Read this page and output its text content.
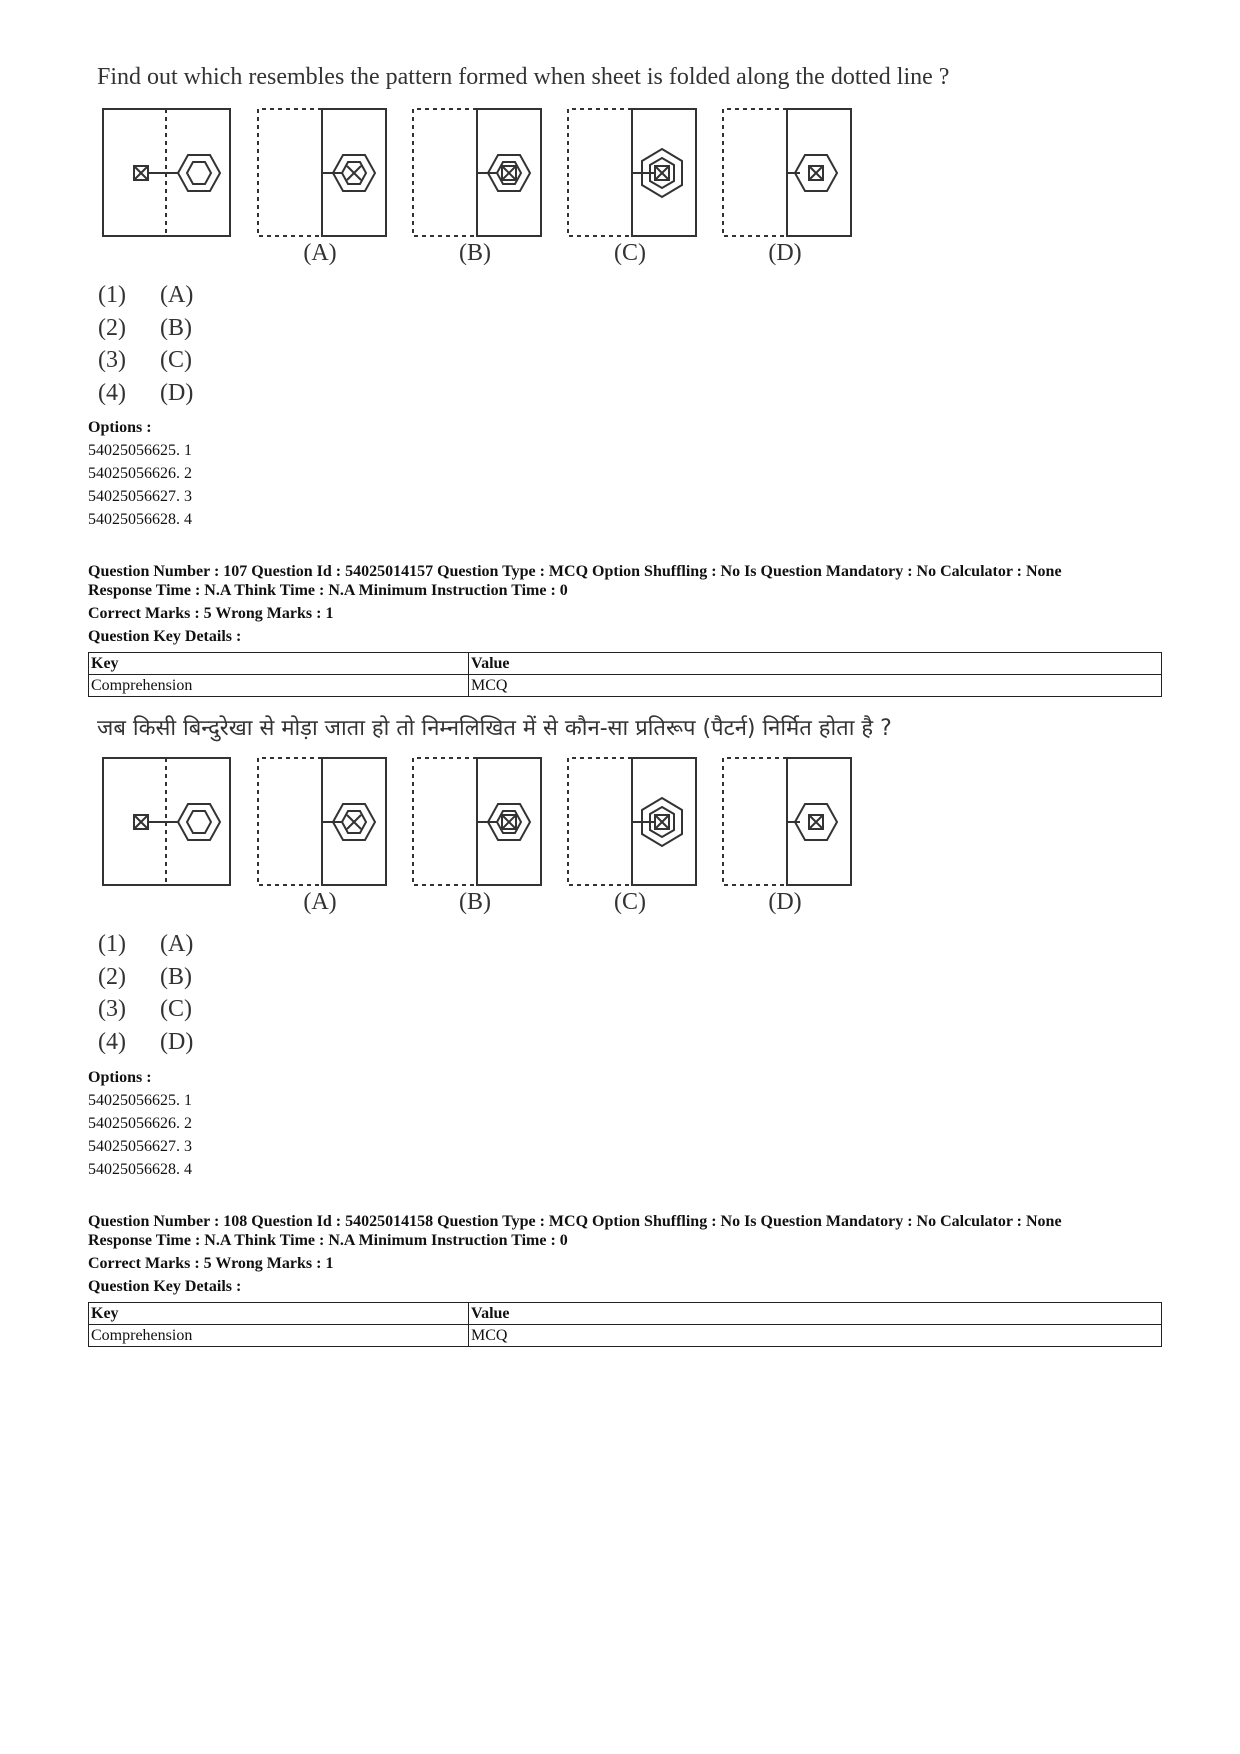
Find out which resembles the pattern formed when sheet is folded along the dotted line ?
(A)	(B)	(C)	(D)
(1)	(A)
(2)	(B)
(3)	(C)
(4)	(D)
Options :
54025056625. 1
54025056626. 2
54025056627. 3
54025056628. 4
Question Number : 107 Question Id : 54025014157 Question Type : MCQ Option Shuffling : No Is Question Mandatory : No Calculator : None
Response Time : N.A Think Time : N.A Minimum Instruction Time : 0
Correct Marks : 5 Wrong Marks : 1
Question Key Details :
Key	Value
Comprehension	MCQ
जब किसी बिन्दुरेखा से मोड़ा जाता हो तो निम्नलिखित में से कौन-सा प्रतिरूप (पैटर्न) निर्मित होता है ?
(A)	(B)	(C)	(D)
(1)	(A)
(2)	(B)
(3)	(C)
(4)	(D)
Options :
54025056625. 1
54025056626. 2
54025056627. 3
54025056628. 4
Question Number : 108 Question Id : 54025014158 Question Type : MCQ Option Shuffling : No Is Question Mandatory : No Calculator : None
Response Time : N.A Think Time : N.A Minimum Instruction Time : 0
Correct Marks : 5 Wrong Marks : 1
Question Key Details :
Key	Value
Comprehension	MCQ
